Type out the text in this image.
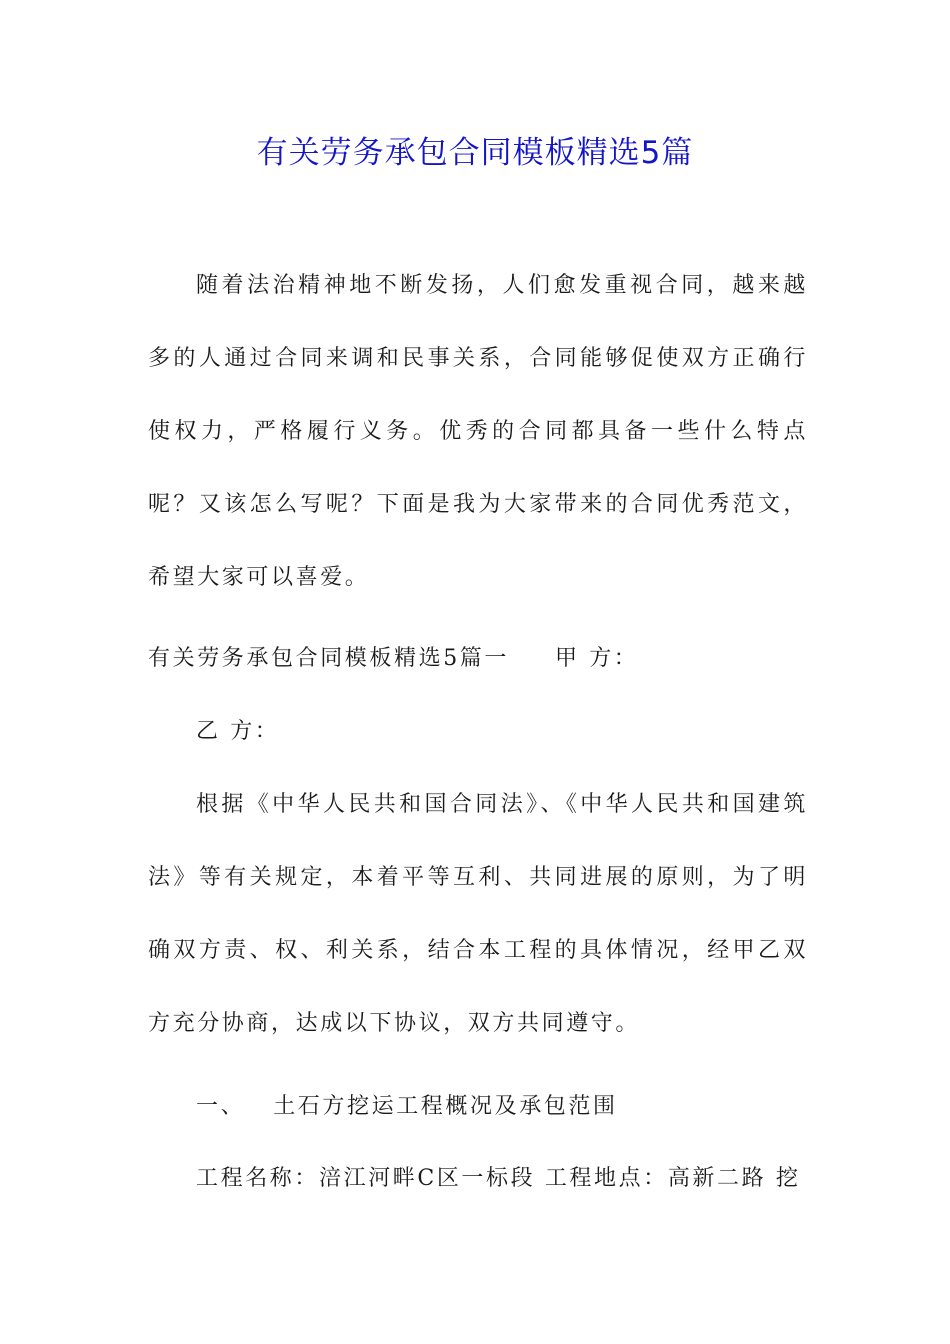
有关劳务承包合同模板精选5篇

随着法治精神地不断发扬，人们愈发重视合同，越来越多的人通过合同来调和民事关系，合同能够促使双方正确行使权力，严格履行义务。优秀的合同都具备一些什么特点呢？又该怎么写呢？下面是我为大家带来的合同优秀范文，希望大家可以喜爱。

有关劳务承包合同模板精选5篇一 甲 方：

乙 方：

根据《中华人民共和国合同法》、《中华人民共和国建筑法》等有关规定，本着平等互利、共同进展的原则，为了明确双方责、权、利关系，结合本工程的具体情况，经甲乙双方充分协商，达成以下协议，双方共同遵守。

一、 土石方挖运工程概况及承包范围

工程名称：涪江河畔C区一标段 工程地点：高新二路 挖
